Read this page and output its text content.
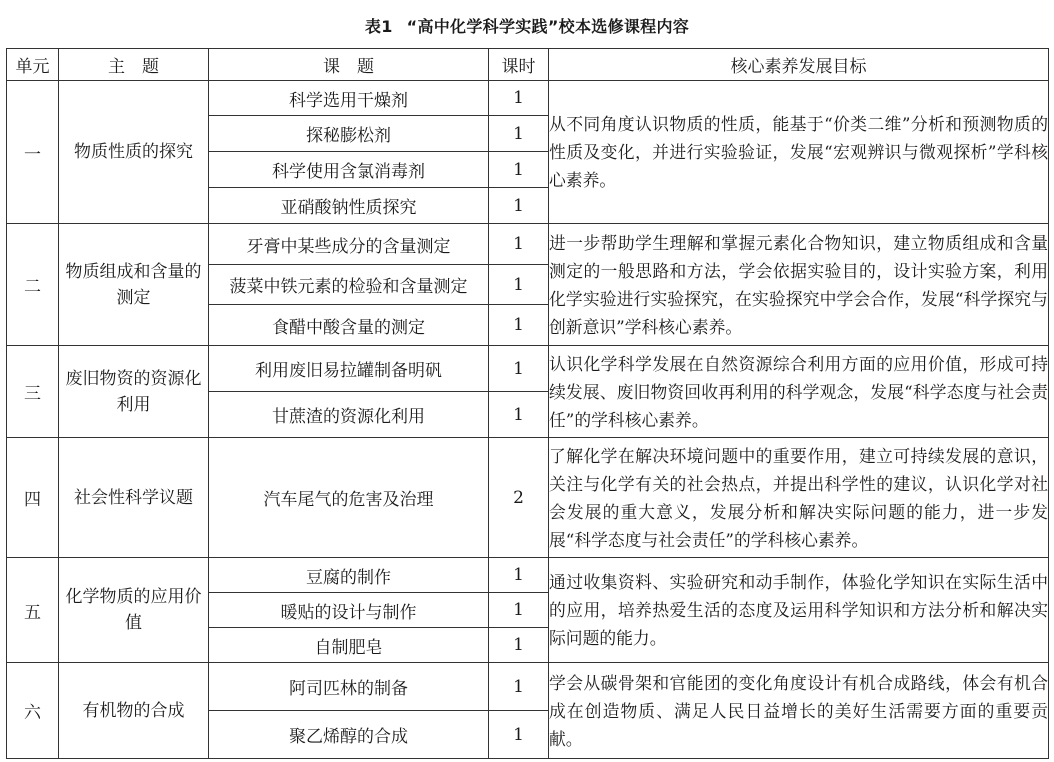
表1 “高中化学科学实践”校本选修课程内容
单元	主　题	课　题	课时	核心素养发展目标
一	物质性质的探究	科学选用干燥剂	1	从不同角度认识物质的性质，能基于“价类二维”分析和预测物质的性质及变化，并进行实验验证，发展“宏观辨识与微观探析”学科核心素养。
		探秘膨松剂	1	
		科学使用含氯消毒剂	1	
		亚硝酸钠性质探究	1	
二	物质组成和含量的测定	牙膏中某些成分的含量测定	1	进一步帮助学生理解和掌握元素化合物知识，建立物质组成和含量测定的一般思路和方法，学会依据实验目的，设计实验方案，利用化学实验进行实验探究，在实验探究中学会合作，发展“科学探究与创新意识”学科核心素养。
		菠菜中铁元素的检验和含量测定	1	
		食醋中酸含量的测定	1	
三	废旧物资的资源化利用	利用废旧易拉罐制备明矾	1	认识化学科学发展在自然资源综合利用方面的应用价值，形成可持续发展、废旧物资回收再利用的科学观念，发展“科学态度与社会责任”的学科核心素养。
		甘蔗渣的资源化利用	1	
四	社会性科学议题	汽车尾气的危害及治理	2	了解化学在解决环境问题中的重要作用，建立可持续发展的意识，关注与化学有关的社会热点，并提出科学性的建议，认识化学对社会发展的重大意义，发展分析和解决实际问题的能力，进一步发展“科学态度与社会责任”的学科核心素养。
五	化学物质的应用价值	豆腐的制作	1	通过收集资料、实验研究和动手制作，体验化学知识在实际生活中的应用，培养热爱生活的态度及运用科学知识和方法分析和解决实际问题的能力。
		暖贴的设计与制作	1	
		自制肥皂	1	
六	有机物的合成	阿司匹林的制备	1	学会从碳骨架和官能团的变化角度设计有机合成路线，体会有机合成在创造物质、满足人民日益增长的美好生活需要方面的重要贡献。
		聚乙烯醇的合成	1	
